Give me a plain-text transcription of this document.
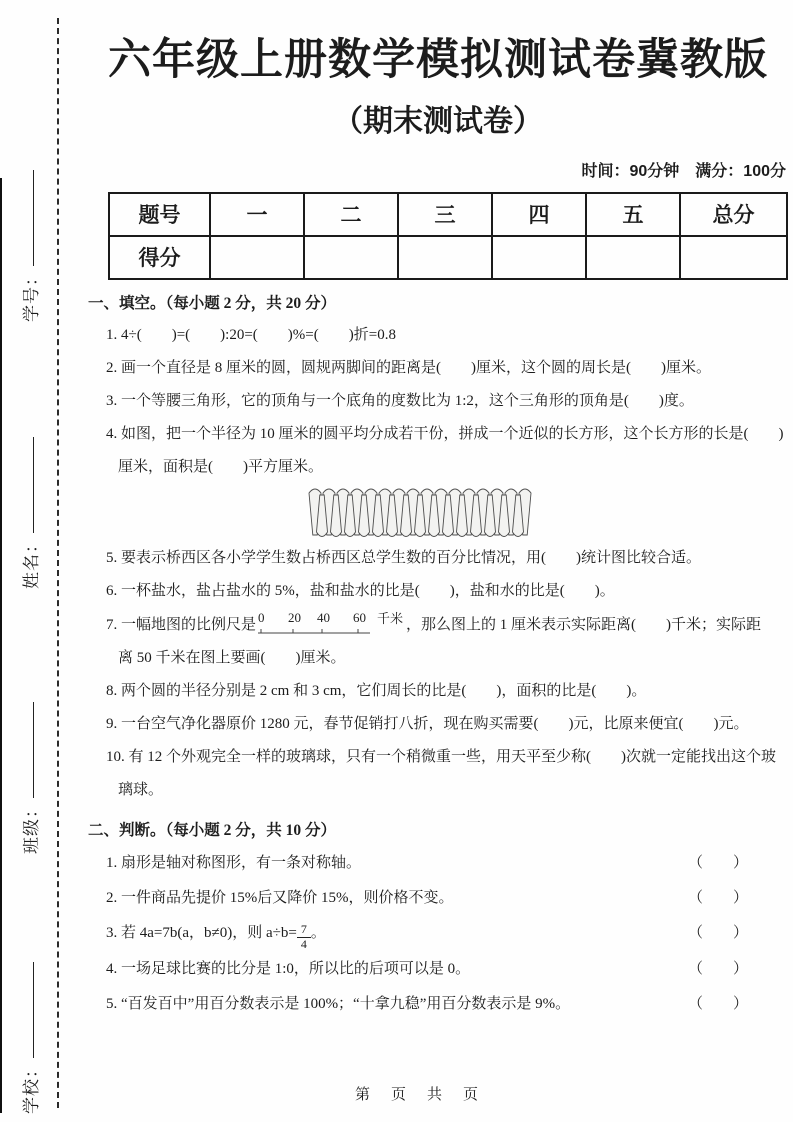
学号：
姓名：
班级：
学校：
六年级上册数学模拟测试卷冀教版
（期末测试卷）
时间：90分钟　满分：100分
题号	一	二	三	四	五	总分
得分						
一、填空。（每小题 2 分，共 20 分）
1. 4÷(　　)=(　　):20=(　　)%=(　　)折=0.8
2. 画一个直径是 8 厘米的圆，圆规两脚间的距离是(　　)厘米，这个圆的周长是(　　)厘米。
3. 一个等腰三角形，它的顶角与一个底角的度数比为 1:2，这个三角形的顶角是(　　)度。
4. 如图，把一个半径为 10 厘米的圆平均分成若干份，拼成一个近似的长方形，这个长方形的长是(　　)
厘米，面积是(　　)平方厘米。
5. 要表示桥西区各小学学生数占桥西区总学生数的百分比情况，用(　　)统计图比较合适。
6. 一杯盐水，盐占盐水的 5%，盐和盐水的比是(　　)，盐和水的比是(　　)。
7. 一幅地图的比例尺是 0 20 40 60 千米 ，那么图上的 1 厘米表示实际距离(　　)千米；实际距
离 50 千米在图上要画(　　)厘米。
8. 两个圆的半径分别是 2 cm 和 3 cm，它们周长的比是(　　)，面积的比是(　　)。
9. 一台空气净化器原价 1280 元，春节促销打八折，现在购买需要(　　)元，比原来便宜(　　)元。
10. 有 12 个外观完全一样的玻璃球，只有一个稍微重一些，用天平至少称(　　)次就一定能找出这个玻
璃球。
二、判断。（每小题 2 分，共 10 分）
1. 扇形是轴对称图形，有一条对称轴。	（　　）
2. 一件商品先提价 15%后又降价 15%，则价格不变。	（　　）
3. 若 4a=7b(a，b≠0)，则 $a\div b= \frac{7}{4}$ 。	（　　）
4. 一场足球比赛的比分是 1:0，所以比的后项可以是 0。	（　　）
5. “百发百中”用百分数表示是 100%；“十拿九稳”用百分数表示是 9%。	（　　）
第　页　共　页
